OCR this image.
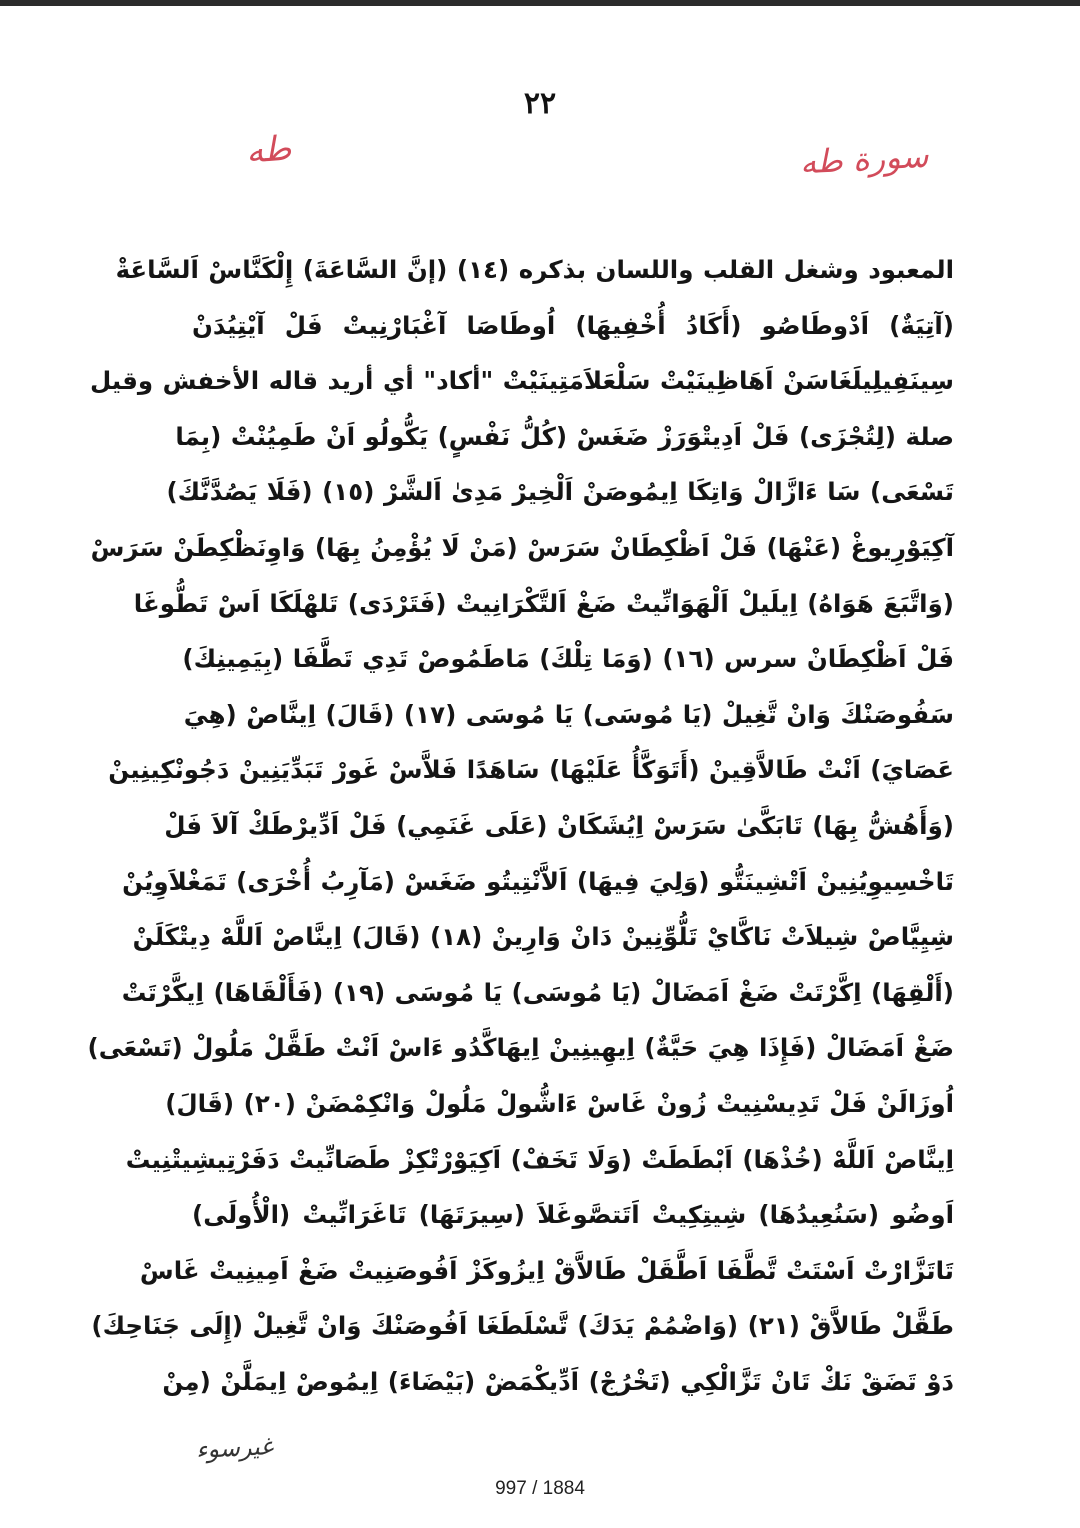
٢٢
طه	سورة طه
المعبود وشغل القلب واللسان بذكره (١٤) (إنَّ السَّاعَةَ) إِلْكَنَّاسْ اَلسَّاعَةْ
(آتِيَةٌ) اَدْوطَاصُو (أَكَادُ أُخْفِيهَا) اُوطَاصَا آغْبَارْنِيتْ فَلْ آيْتِيُدَنْ
سِينَفِيلِيلَغَاسَنْ اَهَاظِينَيْتْ سَلْعَلاَمَتِينَيْتْ "أكاد" أي أريد قاله الأخفش وقيل
صلة (لِتُجْزَى) فَلْ اَدِيتْوَرَزْ ضَغَسْ (كُلُّ نَفْسٍ) يَكُّولُو اَنْ طَمِيُنْتْ (بِمَا
تَسْعَى) سَا ءَازَّالْ وَاتِكَا اِيمُوصَنْ اَلْخِيرْ مَدِىٰ اَلشَّرْ (١٥) (فَلَا يَصُدَّنَّكَ)
آكِيَوْرِيوغْ (عَنْهَا) فَلْ اَظْكِطَانْ سَرَسْ (مَنْ لَا يُؤْمِنُ بِهَا) وَاوِنَظْكِطَنْ سَرَسْ
(وَاتَّبَعَ هَوَاهُ) اِيلَيلْ اَلْهَوَانِّيتْ ضَغْ اَلتَّكْرَانِيتْ (فَتَرْدَى) تَلهْلَكَا اَسْ تَطُّوغَا
فَلْ اَظْكِطَانْ سرس (١٦) (وَمَا تِلْكَ) مَاطَمُوصْ تَدِي تَطَّفَا (بِيَمِينِكَ)
سَفُوصَنْكَ وَانْ تَّغِيلْ (يَا مُوسَى) يَا مُوسَى (١٧) (قَالَ) اِينَّاصْ (هِيَ
عَصَايَ) اَنْتْ طَالاَّقِينْ (أَتَوَكَّأُ عَلَيْهَا) سَاهَدًا فَلاَّسْ غَورْ تَبَدِّيَنِينْ دَجُونْكِينِينْ
(وَأَهُشُّ بِهَا) تَابَكَّىٰ سَرَسْ اِيُشَكَانْ (عَلَى غَنَمِي) فَلْ اَدِّيرْطَكْ آلاَ فَلْ
تَاخْسِيوِيُنِينْ اَتْشِينَتُّو (وَلِيَ فِيهَا) اَلاَّنْتِيتُو ضَغَسْ (مَآرِبُ أُخْرَى) تَمَغْلاَوِيُنْ
شِيِيَّاصْ شِيلاَتْ نَاكَّايْ تَلُّوِّنِينْ دَانْ وَارِينْ (١٨) (قَالَ) اِينَّاصْ اَللَّهْ دِيتْكَلَنْ
(أَلْقِهَا) اِكَّرْتَتْ ضَغْ اَمَضَالْ (يَا مُوسَى) يَا مُوسَى (١٩) (فَأَلْقَاهَا) اِيكَّرْتَتْ
ضَغْ اَمَضَالْ (فَإِذَا هِيَ حَيَّةٌ) اِيهِينِينْ اِيهَاكَّدُو ءَاسْ اَنْتْ طَقَّلْ مَلُولْ (تَسْعَى)
اُوزَالَنْ فَلْ تَدِيسْنِيتْ زُونْ غَاسْ ءَاشُّولْ مَلُولْ وَانْكِمْضَنْ (٢٠) (قَالَ)
اِينَّاصْ اَللَّهْ (خُذْهَا) اَبْطَطَتْ (وَلَا تَخَفْ) اَكِيَوْرْتْكِزْ طَصَانِّيتْ دَفَرْتِيشِيتْنِيتْ
اَوضُو (سَنُعِيدُهَا) شِيتِكِيتْ اَتَتصَّوغَلاَ (سِيرَتَهَا) تَاغَرَانِّيتْ (الْأُولَى)
تَاتَزَّارْتْ اَسْتَتْ تَّطَّفَا اَطَّقَلْ طَالاَّقْ اِيزُوكَزْ اَفُوصَنِيتْ ضَغْ اَمِينِيتْ غَاسْ
طَقَّلْ طَالاَّقْ (٢١) (وَاضْمُمْ يَدَكَ) تَّسْلَطَغَا اَفُوصَنْكَ وَانْ تَّغِيلْ (إِلَى جَنَاحِكَ)
دَوْ تَضَقْ نَكْ تَانْ تَزَّالْكِي (تَخْرُجْ) اَدِّيكْمَضْ (بَيْضَاءَ) اِيمُوصْ اِيمَلَّنْ (مِنْ
غيرسوء
997 / 1884
